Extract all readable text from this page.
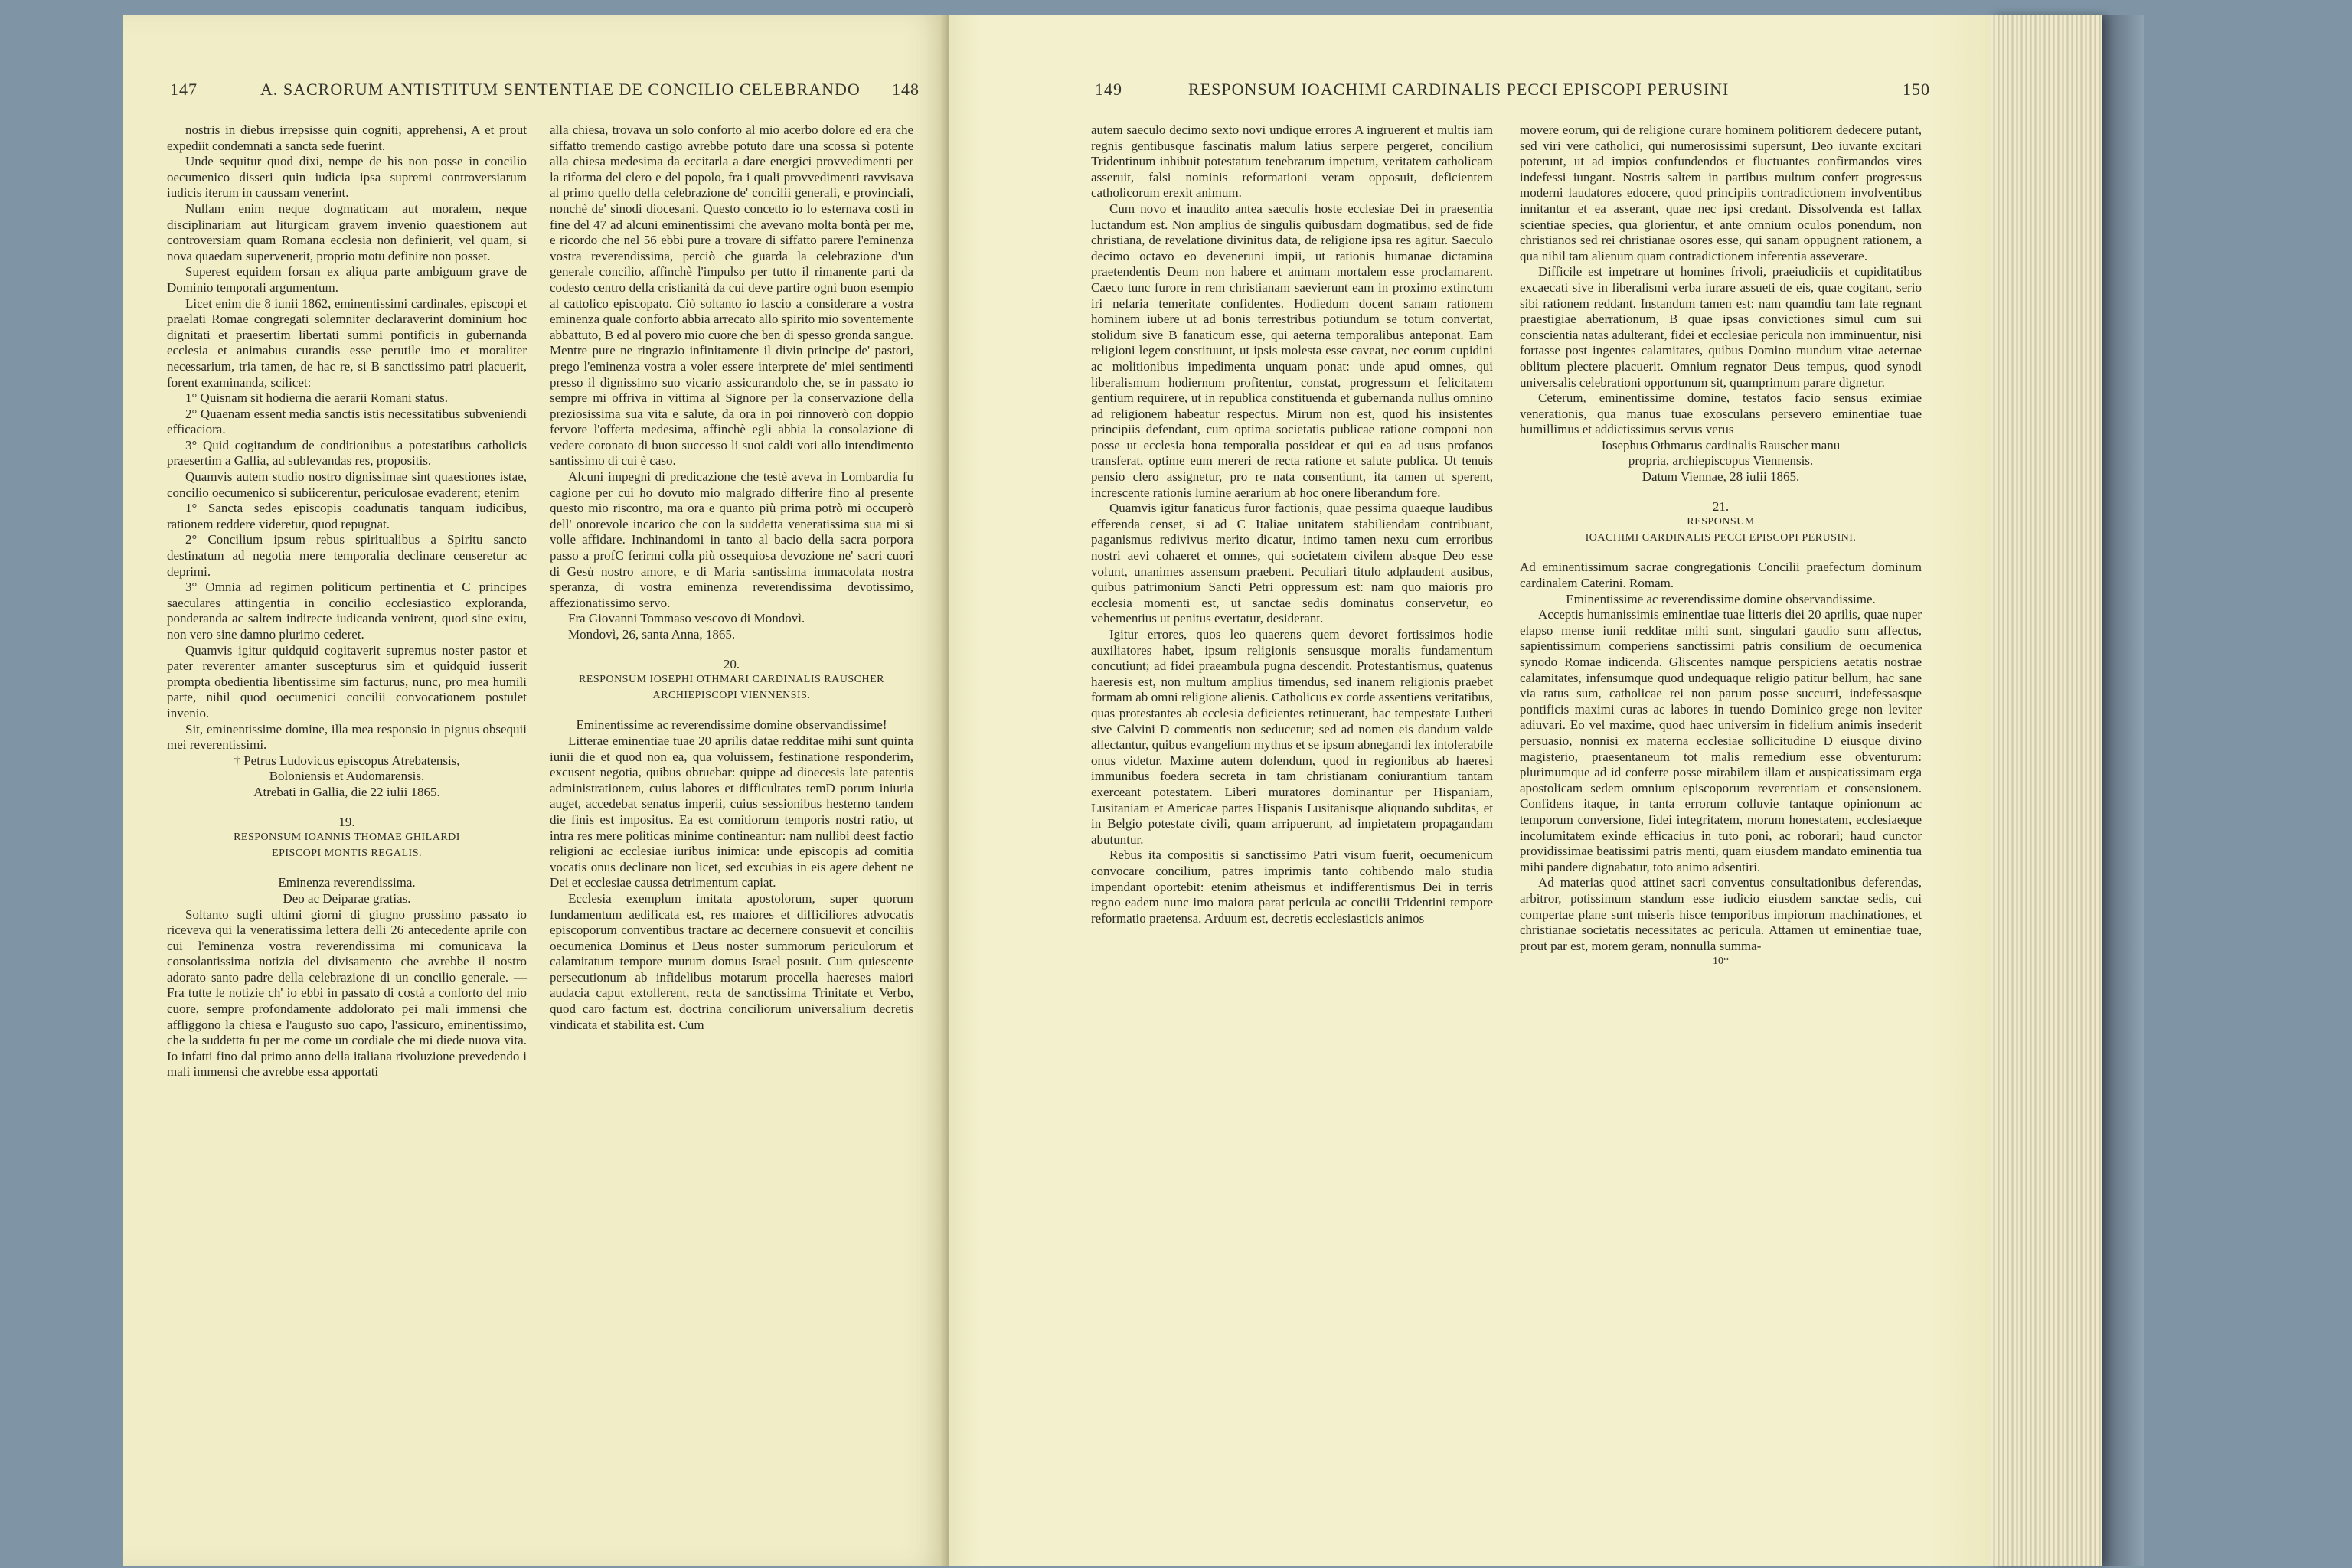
147	A. SACRORUM ANTISTITUM SENTENTIAE DE CONCILIO CELEBRANDO 148

nostris in diebus irrepsisse quin cogniti, apprehensi, A et prout expediit condemnati a sancta sede fuerint.

Unde sequitur quod dixi, nempe de his non posse in concilio oecumenico disseri quin iudicia ipsa supremi controversiarum iudicis iterum in caussam venerint.

Nullam enim neque dogmaticam aut moralem, neque disciplinariam aut liturgicam gravem invenio quaestionem aut controversiam quam Romana ecclesia non definierit, vel quam, si nova quaedam supervenerit, proprio motu definire non posset.

Superest equidem forsan ex aliqua parte ambiguum grave de Dominio temporali argumentum.

Licet enim die 8 iunii 1862, eminentissimi cardinales, episcopi et praelati Romae congregati solemniter declaraverint dominium hoc dignitati et praesertim libertati summi pontificis in gubernanda ecclesia et animabus curandis esse perutile imo et moraliter necessarium, tria tamen, de hac re, si B sanctissimo patri placuerit, forent examinanda, scilicet:

1° Quisnam sit hodierna die aerarii Romani status.

2° Quaenam essent media sanctis istis necessitatibus subveniendi efficaciora.

3° Quid cogitandum de conditionibus a potestatibus catholicis praesertim a Gallia, ad sublevandas res, propositis.

Quamvis autem studio nostro dignissimae sint quaestiones istae, concilio oecumenico si subiicerentur, periculosae evaderent; etenim

1° Sancta sedes episcopis coadunatis tanquam iudicibus, rationem reddere videretur, quod repugnat.

2° Concilium ipsum rebus spiritualibus a Spiritu sancto destinatum ad negotia mere temporalia declinare censeretur ac deprimi.

3° Omnia ad regimen politicum pertinentia et C principes saeculares attingentia in concilio ecclesiastico exploranda, ponderanda ac saltem indirecte iudicanda venirent, quod sine exitu, non vero sine damno plurimo cederet.

Quamvis igitur quidquid cogitaverit supremus noster pastor et pater reverenter amanter suscepturus sim et quidquid iusserit prompta obedientia libentissime sim facturus, nunc, pro mea humili parte, nihil quod oecumenici concilii convocationem postulet invenio.

Sit, eminentissime domine, illa mea responsio in pignus obsequii mei reverentissimi.

† Petrus Ludovicus episcopus Atrebatensis,

Boloniensis et Audomarensis.

Atrebati in Gallia, die 22 iulii 1865.

19.

RESPONSUM IOANNIS THOMAE GHILARDI

EPISCOPI MONTIS REGALIS.

Eminenza reverendissima.

Deo ac Deiparae gratias.

Soltanto sugli ultimi giorni di giugno prossimo passato io riceveva qui la veneratissima lettera delli 26 antecedente aprile con cui l'eminenza vostra reverendissima mi comunicava la consolantissima notizia del divisamento che avrebbe il nostro adorato santo padre della celebrazione di un concilio generale. — Fra tutte le notizie ch' io ebbi in passato di costà a conforto del mio cuore, sempre profondamente addolorato pei mali immensi che affliggono la chiesa e l'augusto suo capo, l'assicuro, eminentissimo, che la suddetta fu per me come un cordiale che mi diede nuova vita. Io infatti fino dal primo anno della italiana rivoluzione prevedendo i mali immensi che avrebbe essa apportati

alla chiesa, trovava un solo conforto al mio acerbo dolore ed era che siffatto tremendo castigo avrebbe potuto dare una scossa sì potente alla chiesa medesima da eccitarla a dare energici provvedimenti per la riforma del clero e del popolo, fra i quali provvedimenti ravvisava al primo quello della celebrazione de' concilii generali, e provinciali, nonchè de' sinodi diocesani. Questo concetto io lo esternava costì in fine del 47 ad alcuni eminentissimi che avevano molta bontà per me, e ricordo che nel 56 ebbi pure a trovare di siffatto parere l'eminenza vostra reverendissima, perciò che guarda la celebrazione d'un generale concilio, affinchè l'impulso per tutto il rimanente parti da codesto centro della cristianità da cui deve partire ogni buon esempio al cattolico episcopato. Ciò soltanto io lascio a considerare a vostra eminenza quale conforto abbia arrecato allo spirito mio soventemente abbattuto, B ed al povero mio cuore che ben di spesso gronda sangue. Mentre pure ne ringrazio infinitamente il divin principe de' pastori, prego l'eminenza vostra a voler essere interprete de' miei sentimenti presso il dignissimo suo vicario assicurandolo che, se in passato io sempre mi offriva in vittima al Signore per la conservazione della preziosissima sua vita e salute, da ora in poi rinnoverò con doppio fervore l'offerta medesima, affinchè egli abbia la consolazione di vedere coronato di buon successo li suoi caldi voti allo intendimento santissimo di cui è caso.

Alcuni impegni di predicazione che testè aveva in Lombardia fu cagione per cui ho dovuto mio malgrado differire fino al presente questo mio riscontro, ma ora e quanto più prima potrò mi occuperò dell' onorevole incarico che con la suddetta veneratissima sua mi si volle affidare. Inchinandomi in tanto al bacio della sacra porpora passo a profC ferirmi colla più ossequiosa devozione ne' sacri cuori di Gesù nostro amore, e di Maria santissima immacolata nostra speranza, di vostra eminenza reverendissima devotissimo, affezionatissimo servo.

Fra Giovanni Tommaso vescovo di Mondovì.

Mondovì, 26, santa Anna, 1865.

20.

RESPONSUM IOSEPHI OTHMARI CARDINALIS RAUSCHER

ARCHIEPISCOPI VIENNENSIS.

Eminentissime ac reverendissime domine observandissime!

Litterae eminentiae tuae 20 aprilis datae redditae mihi sunt quinta iunii die et quod non ea, qua voluissem, festinatione responderim, excusent negotia, quibus obruebar: quippe ad dioecesis late patentis administrationem, cuius labores et difficultates temD porum iniuria auget, accedebat senatus imperii, cuius sessionibus hesterno tandem die finis est impositus. Ea est comitiorum temporis nostri ratio, ut intra res mere politicas minime contineantur: nam nullibi deest factio religioni ac ecclesiae iuribus inimica: unde episcopis ad comitia vocatis onus declinare non licet, sed excubias in eis agere debent ne Dei et ecclesiae caussa detrimentum capiat.

Ecclesia exemplum imitata apostolorum, super quorum fundamentum aedificata est, res maiores et difficiliores advocatis episcoporum conventibus tractare ac decernere consuevit et conciliis oecumenica Dominus et Deus noster summorum periculorum et calamitatum tempore murum domus Israel posuit. Cum quiescente persecutionum ab infidelibus motarum procella haereses maiori audacia caput extollerent, recta de sanctissima Trinitate et Verbo, quod caro factum est, doctrina conciliorum universalium decretis vindicata et stabilita est. Cum

149	RESPONSUM IOACHIMI CARDINALIS PECCI EPISCOPI PERUSINI	150

autem saeculo decimo sexto novi undique errores A ingruerent et multis iam regnis gentibusque fascinatis malum latius serpere pergeret, concilium Tridentinum inhibuit potestatum tenebrarum impetum, veritatem catholicam asseruit, falsi nominis reformationi veram opposuit, deficientem catholicorum erexit animum.

Cum novo et inaudito antea saeculis hoste ecclesiae Dei in praesentia luctandum est. Non amplius de singulis quibusdam dogmatibus, sed de fide christiana, de revelatione divinitus data, de religione ipsa res agitur. Saeculo decimo octavo eo deveneruni impii, ut rationis humanae dictamina praetendentis Deum non habere et animam mortalem esse proclamarent. Caeco tunc furore in rem christianam saevierunt eam in proximo extinctum iri nefaria temeritate confidentes. Hodiedum docent sanam rationem hominem iubere ut ad bonis terrestribus potiundum se totum convertat, stolidum sive B fanaticum esse, qui aeterna temporalibus anteponat. Eam religioni legem constituunt, ut ipsis molesta esse caveat, nec eorum cupidini ac molitionibus impedimenta unquam ponat: unde apud omnes, qui liberalismum hodiernum profitentur, constat, progressum et felicitatem gentium requirere, ut in republica constituenda et gubernanda nullus omnino ad religionem habeatur respectus. Mirum non est, quod his insistentes principiis defendant, cum optima societatis publicae ratione componi non posse ut ecclesia bona temporalia possideat et qui ea ad usus profanos transferat, optime eum mereri de recta ratione et salute publica. Ut tenuis pensio clero assignetur, pro re nata consentiunt, ita tamen ut sperent, increscente rationis lumine aerarium ab hoc onere liberandum fore.

Quamvis igitur fanaticus furor factionis, quae pessima quaeque laudibus efferenda censet, si ad C Italiae unitatem stabiliendam contribuant, paganismus redivivus merito dicatur, intimo tamen nexu cum erroribus nostri aevi cohaeret et omnes, qui societatem civilem absque Deo esse volunt, unanimes assensum praebent. Peculiari titulo adplaudent ausibus, quibus patrimonium Sancti Petri oppressum est: nam quo maioris pro ecclesia momenti est, ut sanctae sedis dominatus conservetur, eo vehementius ut penitus evertatur, desiderant.

Igitur errores, quos leo quaerens quem devoret fortissimos hodie auxiliatores habet, ipsum religionis sensusque moralis fundamentum concutiunt; ad fidei praeambula pugna descendit. Protestantismus, quatenus haeresis est, non multum amplius timendus, sed inanem religionis praebet formam ab omni religione alienis. Catholicus ex corde assentiens veritatibus, quas protestantes ab ecclesia deficientes retinuerant, hac tempestate Lutheri sive Calvini D commentis non seducetur; sed ad nomen eis dandum valde allectantur, quibus evangelium mythus et se ipsum abnegandi lex intolerabile onus videtur. Maxime autem dolendum, quod in regionibus ab haeresi immunibus foedera secreta in tam christianam coniurantium tantam exerceant potestatem. Liberi muratores dominantur per Hispaniam, Lusitaniam et Americae partes Hispanis Lusitanisque aliquando subditas, et in Belgio potestate civili, quam arripuerunt, ad impietatem propagandam abutuntur.

Rebus ita compositis si sanctissimo Patri visum fuerit, oecumenicum convocare concilium, patres imprimis tanto cohibendo malo studia impendant oportebit: etenim atheismus et indifferentismus Dei in terris regno eadem nunc imo maiora parat pericula ac concilii Tridentini tempore reformatio praetensa. Arduum est, decretis ecclesiasticis animos

movere eorum, qui de religione curare hominem politiorem dedecere putant, sed viri vere catholici, qui numerosissimi supersunt, Deo iuvante excitari poterunt, ut ad impios confundendos et fluctuantes confirmandos vires indefessi iungant. Nostris saltem in partibus multum confert progressus moderni laudatores edocere, quod principiis contradictionem involventibus innitantur et ea asserant, quae nec ipsi credant. Dissolvenda est fallax scientiae species, qua glorientur, et ante omnium oculos ponendum, non christianos sed rei christianae osores esse, qui sanam oppugnent rationem, a qua nihil tam alienum quam contradictionem inferentia asseverare.

Difficile est impetrare ut homines frivoli, praeiudiciis et cupiditatibus excaecati sive in liberalismi verba iurare assueti de eis, quae cogitant, serio sibi rationem reddant. Instandum tamen est: nam quamdiu tam late regnant praestigiae aberrationum, B quae ipsas convictiones simul cum sui conscientia natas adulterant, fidei et ecclesiae pericula non imminuentur, nisi fortasse post ingentes calamitates, quibus Domino mundum vitae aeternae oblitum plectere placuerit. Omnium regnator Deus tempus, quod synodi universalis celebrationi opportunum sit, quamprimum parare dignetur.

Ceterum, eminentissime domine, testatos facio sensus eximiae venerationis, qua manus tuae exosculans persevero eminentiae tuae humillimus et addictissimus servus verus

Iosephus Othmarus cardinalis Rauscher manu

propria, archiepiscopus Viennensis.

Datum Viennae, 28 iulii 1865.

21.

RESPONSUM

IOACHIMI CARDINALIS PECCI EPISCOPI PERUSINI.

Ad eminentissimum sacrae congregationis Concilii praefectum dominum cardinalem Caterini. Romam.

Eminentissime ac reverendissime domine observandissime.

Acceptis humanissimis eminentiae tuae litteris diei 20 aprilis, quae nuper elapso mense iunii redditae mihi sunt, singulari gaudio sum affectus, sapientissimum comperiens sanctissimi patris consilium de oecumenica synodo Romae indicenda. Gliscentes namque perspiciens aetatis nostrae calamitates, infensumque quod undequaque religio patitur bellum, hac sane via ratus sum, catholicae rei non parum posse succurri, indefessasque pontificis maximi curas ac labores in tuendo Dominico grege non leviter adiuvari. Eo vel maxime, quod haec universim in fidelium animis insederit persuasio, nonnisi ex materna ecclesiae sollicitudine D eiusque divino magisterio, praesentaneum tot malis remedium esse obventurum: plurimumque ad id conferre posse mirabilem illam et auspicatissimam erga apostolicam sedem omnium episcoporum reverentiam et consensionem. Confidens itaque, in tanta errorum colluvie tantaque opinionum ac temporum conversione, fidei integritatem, morum honestatem, ecclesiaeque incolumitatem exinde efficacius in tuto poni, ac roborari; haud cunctor providissimae beatissimi patris menti, quam eiusdem mandato eminentia tua mihi pandere dignabatur, toto animo adsentiri.

Ad materias quod attinet sacri conventus consultationibus deferendas, arbitror, potissimum standum esse iudicio eiusdem sanctae sedis, cui compertae plane sunt miseris hisce temporibus impiorum machinationes, et christianae societatis necessitates ac pericula. Attamen ut eminentiae tuae, prout par est, morem geram, nonnulla summa-

10*
